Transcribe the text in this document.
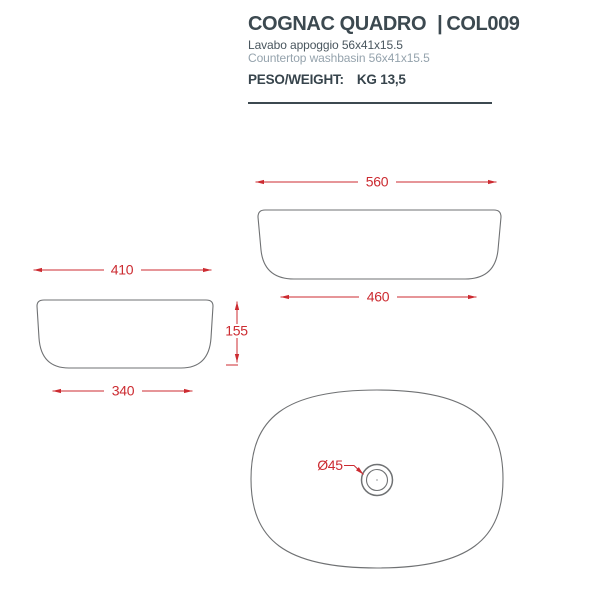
COGNAC QUADRO | COL009
Lavabo appoggio 56x41x15.5
Countertop washbasin 56x41x15.5
PESO/WEIGHT: KG 13,5
560
460
410
340
155
Ø45
